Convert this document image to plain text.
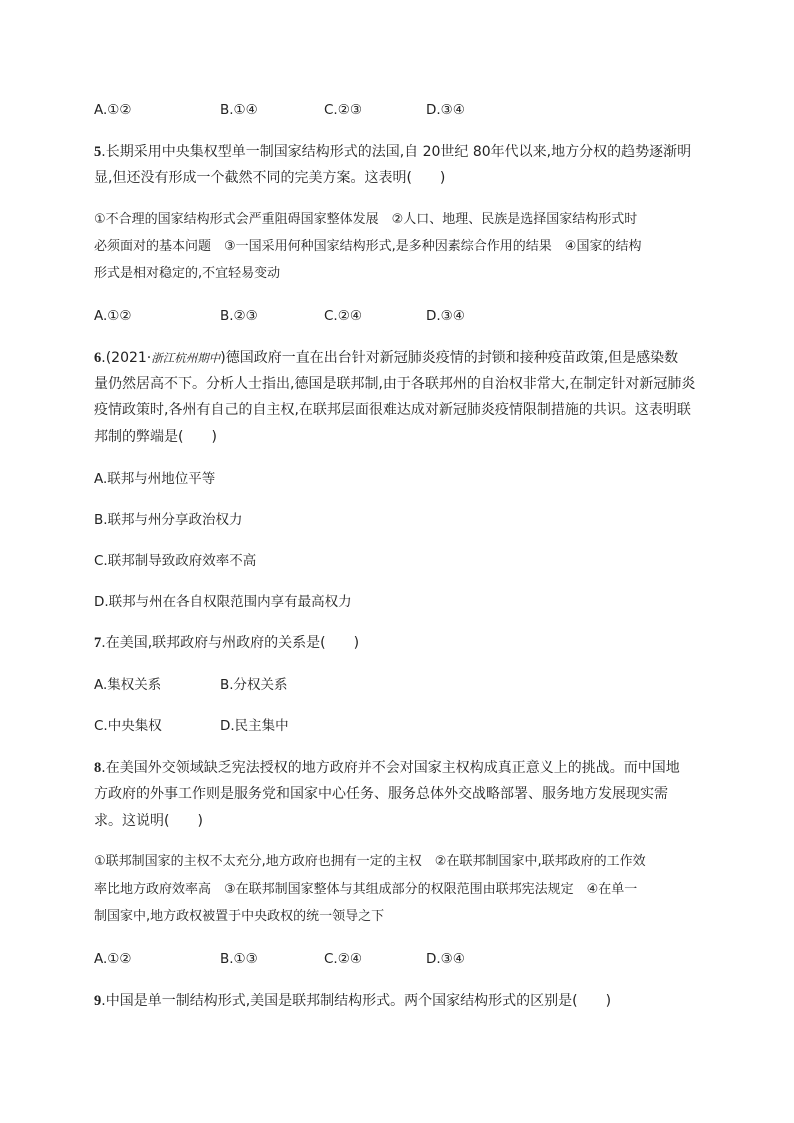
A.①②	B.①④	C.②③	D.③④
5.长期采用中央集权型单一制国家结构形式的法国,自 20世纪 80年代以来,地方分权的趋势逐渐明
显,但还没有形成一个截然不同的完美方案。这表明(　　)
①不合理的国家结构形式会严重阻碍国家整体发展　②人口、地理、民族是选择国家结构形式时
必须面对的基本问题　③一国采用何种国家结构形式,是多种因素综合作用的结果　④国家的结构
形式是相对稳定的,不宜轻易变动
A.①②	B.②③	C.②④	D.③④
6.(2021·浙江杭州期中)德国政府一直在出台针对新冠肺炎疫情的封锁和接种疫苗政策,但是感染数
量仍然居高不下。分析人士指出,德国是联邦制,由于各联邦州的自治权非常大,在制定针对新冠肺炎
疫情政策时,各州有自己的自主权,在联邦层面很难达成对新冠肺炎疫情限制措施的共识。这表明联
邦制的弊端是(　　)
A.联邦与州地位平等
B.联邦与州分享政治权力
C.联邦制导致政府效率不高
D.联邦与州在各自权限范围内享有最高权力
7.在美国,联邦政府与州政府的关系是(　　)
A.集权关系	B.分权关系
C.中央集权	D.民主集中
8.在美国外交领域缺乏宪法授权的地方政府并不会对国家主权构成真正意义上的挑战。而中国地
方政府的外事工作则是服务党和国家中心任务、服务总体外交战略部署、服务地方发展现实需
求。这说明(　　)
①联邦制国家的主权不太充分,地方政府也拥有一定的主权　②在联邦制国家中,联邦政府的工作效
率比地方政府效率高　③在联邦制国家整体与其组成部分的权限范围由联邦宪法规定　④在单一
制国家中,地方政权被置于中央政权的统一领导之下
A.①②	B.①③	C.②④	D.③④
9.中国是单一制结构形式,美国是联邦制结构形式。两个国家结构形式的区别是(　　)
